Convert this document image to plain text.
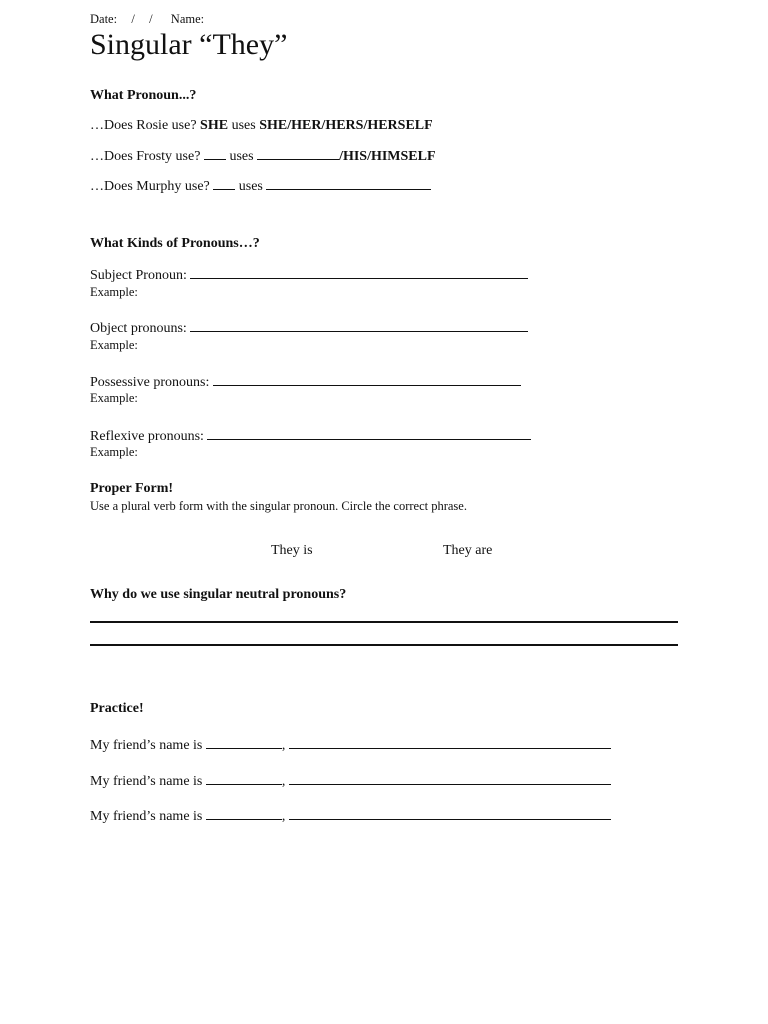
Date: / / Name:
Singular “They”
What Pronoun...?
…Does Rosie use? SHE uses SHE/HER/HERS/HERSELF
…Does Frosty use? uses	/HIS/HIMSELF
…Does Murphy use? uses
What Kinds of Pronouns…?
Subject Pronoun:
Example:
Object pronouns:
Example:
Possessive pronouns:
Example:
Reflexive pronouns:
Example:
Proper Form!
Use a plural verb form with the singular pronoun. Circle the correct phrase.
They is	They are
Why do we use singular neutral pronouns?
Practice!
My friend’s name is	,
My friend’s name is	,
My friend’s name is	,
